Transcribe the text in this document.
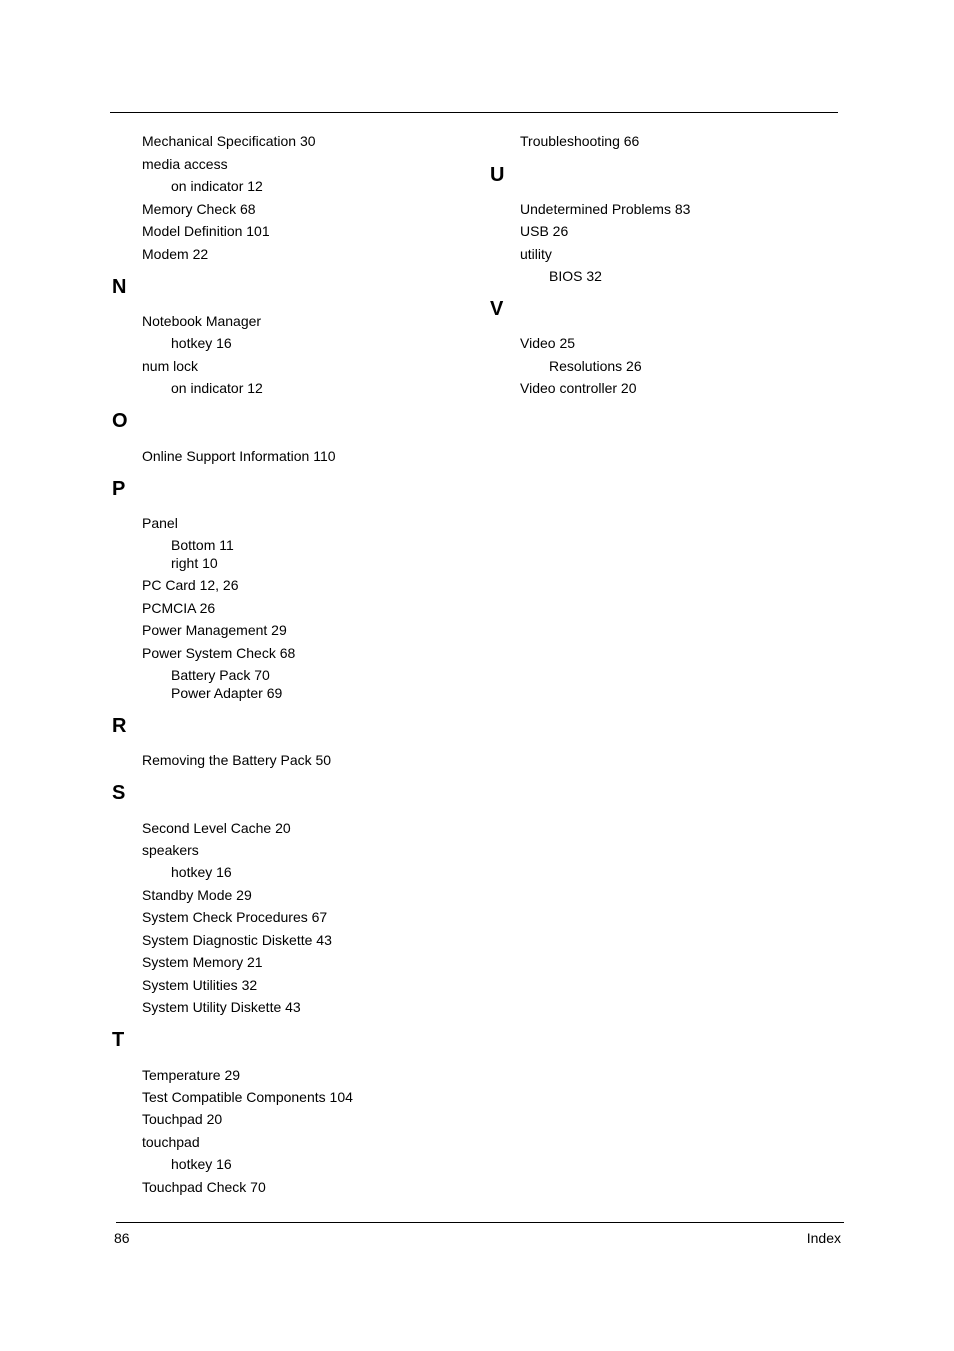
Mechanical Specification 30
media access
on indicator 12
Memory Check 68
Model Definition 101
Modem 22
N
Notebook Manager
hotkey 16
num lock
on indicator 12
O
Online Support Information 110
P
Panel
Bottom 11
right 10
PC Card 12, 26
PCMCIA 26
Power Management 29
Power System Check 68
Battery Pack 70
Power Adapter 69
R
Removing the Battery Pack 50
S
Second Level Cache 20
speakers
hotkey 16
Standby Mode 29
System Check Procedures 67
System Diagnostic Diskette 43
System Memory 21
System Utilities 32
System Utility Diskette 43
T
Temperature 29
Test Compatible Components 104
Touchpad 20
touchpad
hotkey 16
Touchpad Check 70
Troubleshooting 66
U
Undetermined Problems 83
USB 26
utility
BIOS 32
V
Video 25
Resolutions 26
Video controller 20
86	Index
